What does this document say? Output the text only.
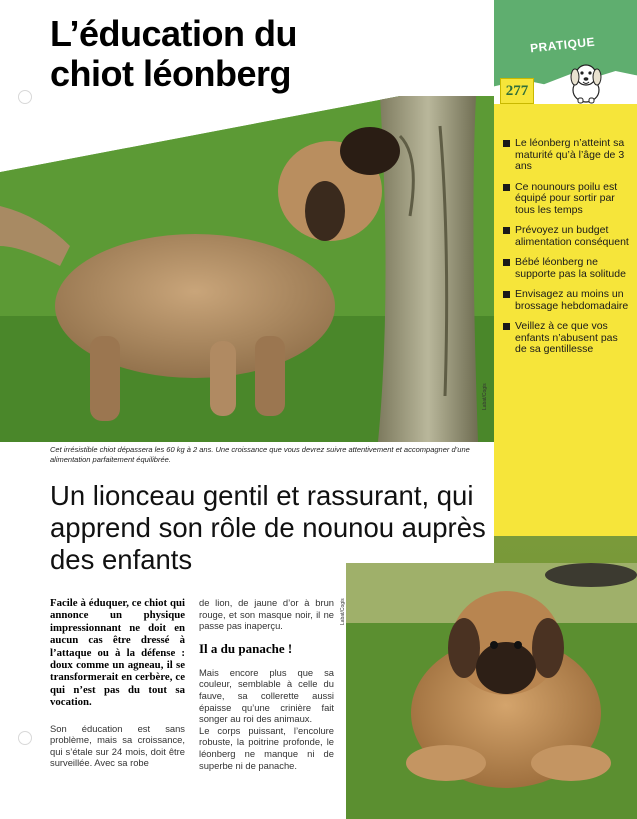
L’éducation du
chiot léonberg
PRATIQUE
277
Le léonberg n’atteint sa maturité qu’à l’âge de 3 ans
Ce nounours poilu est équipé pour sortir par tous les temps
Prévoyez un budget alimentation conséquent
Bébé léonberg ne supporte pas la solitude
Envisagez au moins un brossage hebdomadaire
Veillez à ce que vos enfants n’abusent pas de sa gentillesse
Labat/Cogis
Cet irrésistible chiot dépassera les 60 kg à 2 ans. Une croissance que vous devrez suivre attentivement et accompagner d’une alimentation parfaitement équilibrée.
Un lionceau gentil et rassurant, qui apprend son rôle de nounou auprès des enfants

Facile à éduquer, ce chiot qui annonce un physique impressionnant ne doit en aucun cas être dressé à l’attaque ou à la défense : doux comme un agneau, il se transformerait en cerbère, ce qui n’est pas du tout sa vocation.

Son éducation est sans problème, mais sa croissance, qui s’étale sur 24 mois, doit être surveillée. Avec sa robe

de lion, de jaune d’or à brun rouge, et son masque noir, il ne passe pas inaperçu.

Il a du panache !

Mais encore plus que sa couleur, semblable à celle du fauve, sa collerette aussi épaisse qu’une crinière fait songer au roi des animaux.

Le corps puissant, l’encolure robuste, la poitrine profonde, le léonberg ne manque ni de superbe ni de panache.

Labat/Cogis
